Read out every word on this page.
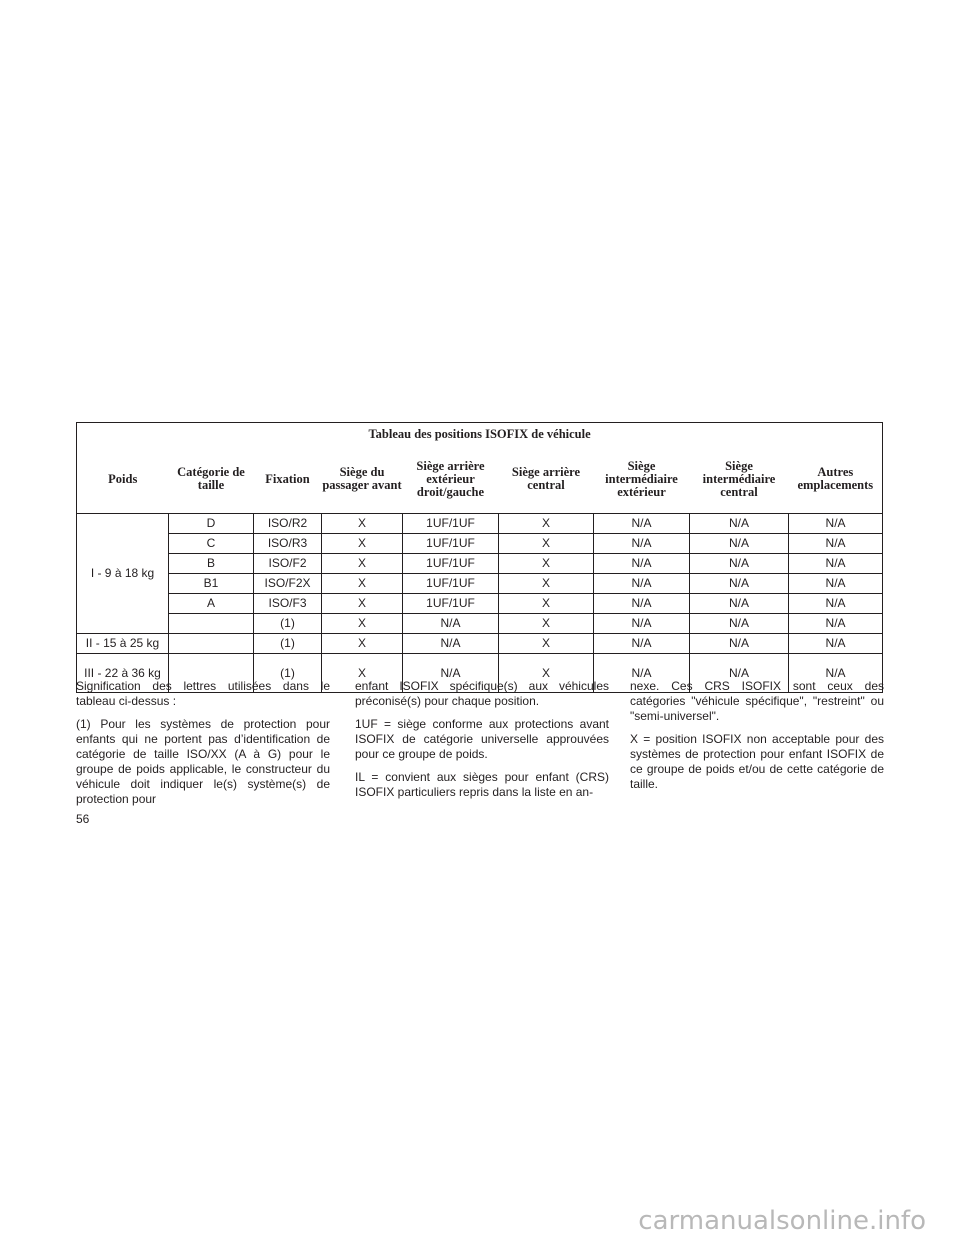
Tableau des positions ISOFIX de véhicule								
Poids	Catégorie de taille	Fixation	Siège du passager avant	Siège arrière extérieur droit/gauche	Siège arrière central	Siège intermédiaire extérieur	Siège intermédiaire central	Autres emplacements
I - 9 à 18 kg	D	ISO/R2	X	1UF/1UF	X	N/A	N/A	N/A
	C	ISO/R3	X	1UF/1UF	X	N/A	N/A	N/A
	B	ISO/F2	X	1UF/1UF	X	N/A	N/A	N/A
	B1	ISO/F2X	X	1UF/1UF	X	N/A	N/A	N/A
	A	ISO/F3	X	1UF/1UF	X	N/A	N/A	N/A
		(1)	X	N/A	X	N/A	N/A	N/A
II - 15 à 25 kg		(1)	X	N/A	X	N/A	N/A	N/A
III - 22 à 36 kg		(1)	X	N/A	X	N/A	N/A	N/A

Signification des lettres utilisées dans le tableau ci-dessus :

(1) Pour les systèmes de protection pour enfants qui ne portent pas d’identification de catégorie de taille ISO/XX (A à G) pour le groupe de poids applicable, le constructeur du véhicule doit indiquer le(s) système(s) de protection pour

enfant ISOFIX spécifique(s) aux véhicules préconisé(s) pour chaque position.

1UF = siège conforme aux protections avant ISOFIX de catégorie universelle approuvées pour ce groupe de poids.

IL = convient aux sièges pour enfant (CRS) ISOFIX particuliers repris dans la liste en an-

nexe. Ces CRS ISOFIX sont ceux des catégories "véhicule spécifique", "restreint" ou "semi-universel".

X = position ISOFIX non acceptable pour des systèmes de protection pour enfant ISOFIX de ce groupe de poids et/ou de cette catégorie de taille.

56
carmanualsonline.info
